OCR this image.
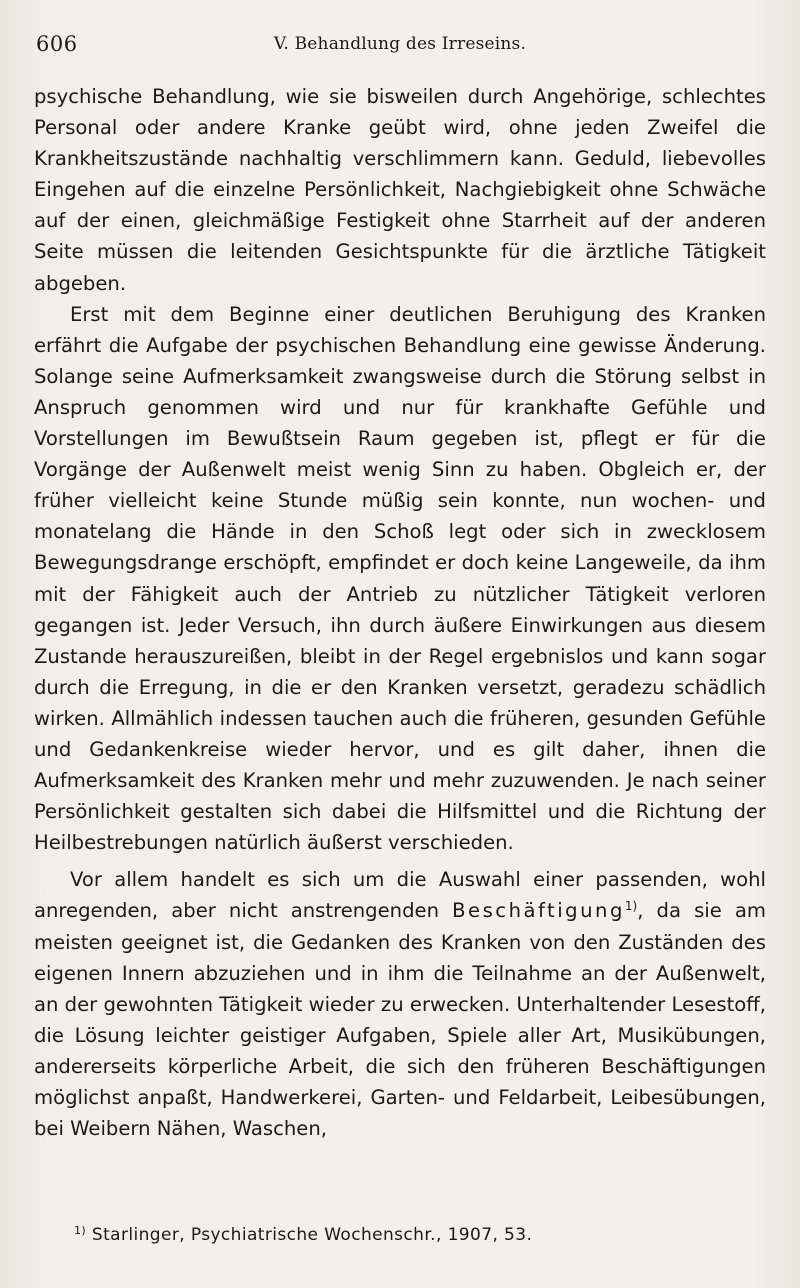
606	V. Behandlung des Irreseins.

psychische Behandlung, wie sie bisweilen durch Angehörige, schlechtes Personal oder andere Kranke geübt wird, ohne jeden Zweifel die Krankheitszustände nachhaltig verschlimmern kann. Geduld, liebevolles Eingehen auf die einzelne Persönlichkeit, Nachgiebigkeit ohne Schwäche auf der einen, gleichmäßige Festigkeit ohne Starrheit auf der anderen Seite müssen die leitenden Gesichtspunkte für die ärztliche Tätigkeit abgeben.

Erst mit dem Beginne einer deutlichen Beruhigung des Kranken erfährt die Aufgabe der psychischen Behandlung eine gewisse Änderung. Solange seine Aufmerksamkeit zwangsweise durch die Störung selbst in Anspruch genommen wird und nur für krankhafte Gefühle und Vorstellungen im Bewußtsein Raum gegeben ist, pflegt er für die Vorgänge der Außenwelt meist wenig Sinn zu haben. Obgleich er, der früher vielleicht keine Stunde müßig sein konnte, nun wochen- und monatelang die Hände in den Schoß legt oder sich in zwecklosem Bewegungsdrange erschöpft, empfindet er doch keine Langeweile, da ihm mit der Fähigkeit auch der Antrieb zu nützlicher Tätigkeit verloren gegangen ist. Jeder Versuch, ihn durch äußere Einwirkungen aus diesem Zustande herauszureißen, bleibt in der Regel ergebnislos und kann sogar durch die Erregung, in die er den Kranken versetzt, geradezu schädlich wirken. Allmählich indessen tauchen auch die früheren, gesunden Gefühle und Gedankenkreise wieder hervor, und es gilt daher, ihnen die Aufmerksamkeit des Kranken mehr und mehr zuzuwenden. Je nach seiner Persönlichkeit gestalten sich dabei die Hilfsmittel und die Richtung der Heilbestrebungen natürlich äußerst verschieden.

Vor allem handelt es sich um die Auswahl einer passenden, wohl anregenden, aber nicht anstrengenden Beschäftigung$^{1)}$, da sie am meisten geeignet ist, die Gedanken des Kranken von den Zuständen des eigenen Innern abzuziehen und in ihm die Teilnahme an der Außenwelt, an der gewohnten Tätigkeit wieder zu erwecken. Unterhaltender Lesestoff, die Lösung leichter geistiger Aufgaben, Spiele aller Art, Musikübungen, andererseits körperliche Arbeit, die sich den früheren Beschäftigungen möglichst anpaßt, Handwerkerei, Garten- und Feldarbeit, Leibesübungen, bei Weibern Nähen, Waschen,

$^{1)}$ Starlinger, Psychiatrische Wochenschr., 1907, 53.
